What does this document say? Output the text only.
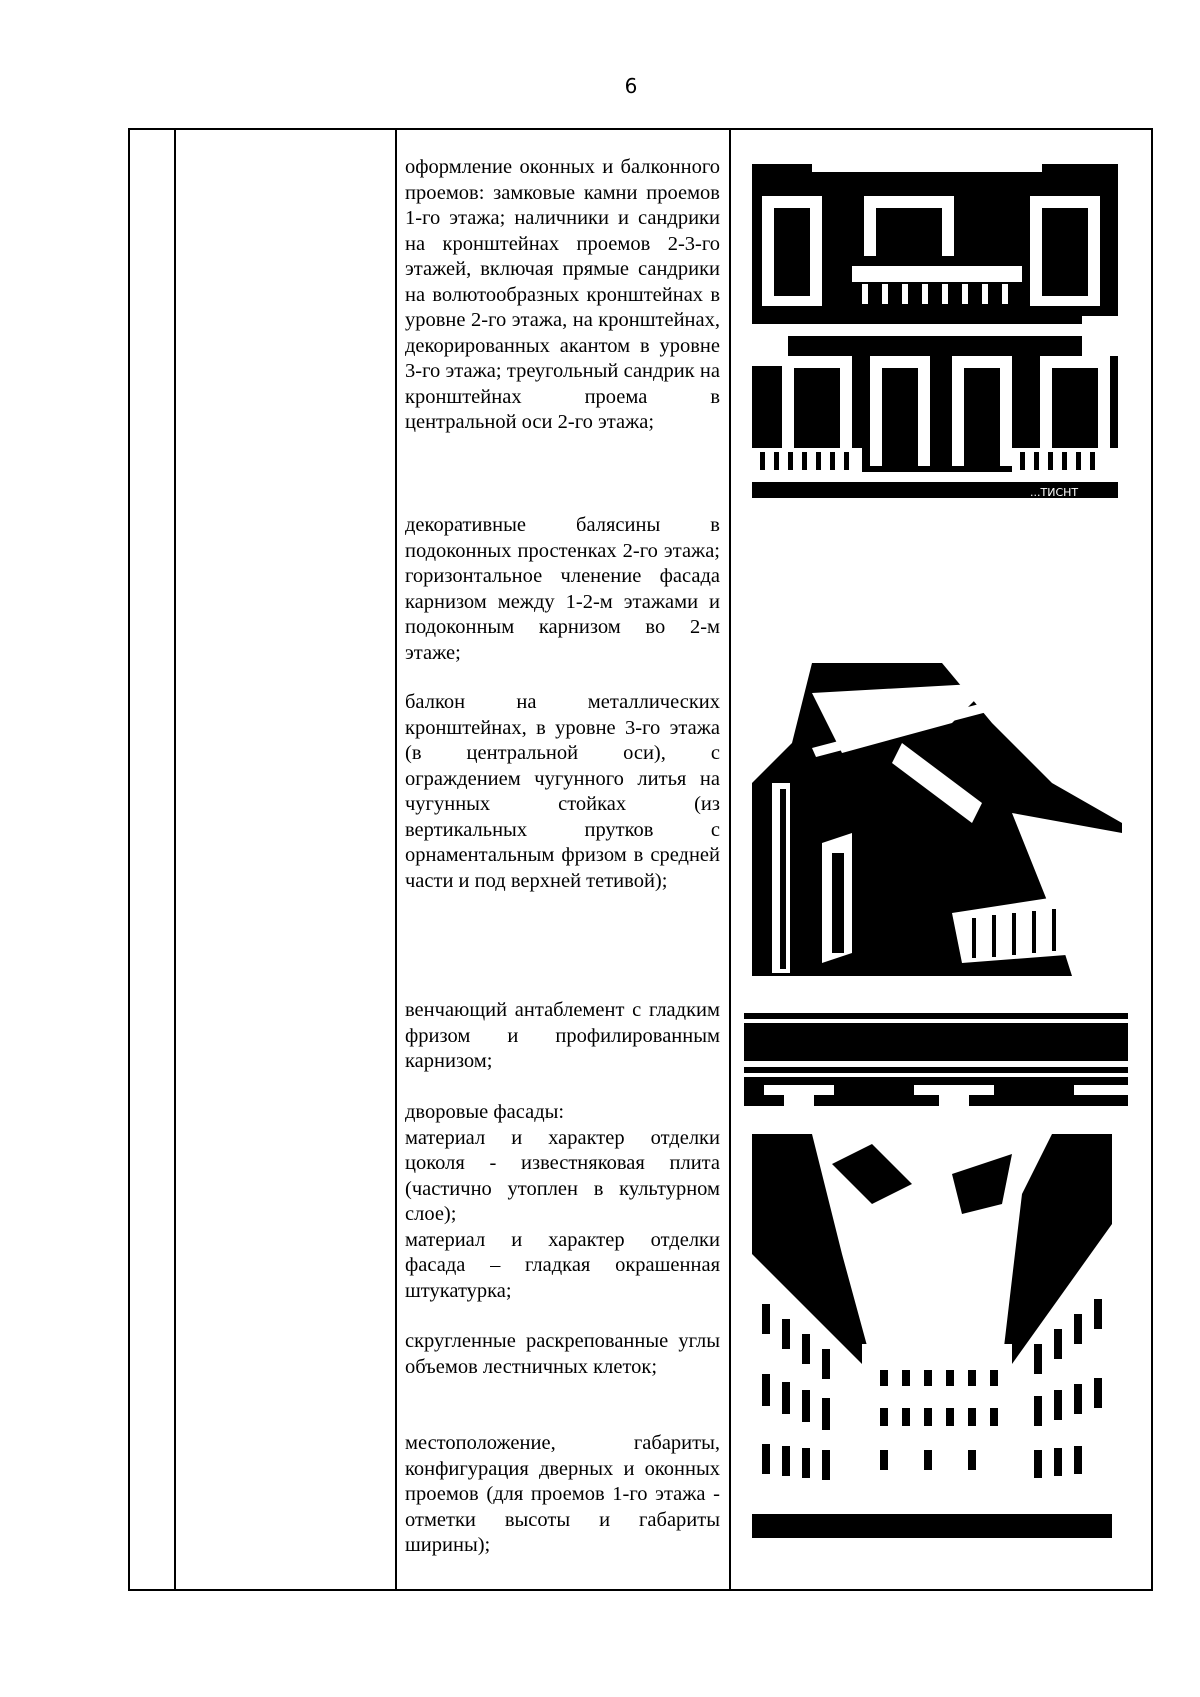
6

оформление оконных и балконного проемов: замковые камни проемов 1-го этажа; наличники и сандрики на кронштейнах проемов 2-3-го этажей, включая прямые сандрики на волютообразных кронштейнах в уровне 2-го этажа, на кронштейнах, декорированных акантом в уровне 3-го этажа; треугольный сандрик на кронштейнах проема в центральной оси 2-го этажа;

декоративные балясины в подоконных простенках 2-го этажа; горизонтальное членение фасада карнизом между 1-2-м этажами и подоконным карнизом во 2-м этаже;

балкон на металлических кронштейнах, в уровне 3-го этажа (в центральной оси), с ограждением чугунного литья на чугунных стойках (из вертикальных прутков с орнаментальным фризом в средней части и под верхней тетивой);

венчающий антаблемент с гладким фризом и профилированным карнизом;

дворовые фасады:

материал и характер отделки цоколя - известняковая плита (частично утоплен в культурном слое);

материал и характер отделки фасада – гладкая окрашенная штукатурка;

скругленные раскрепованные углы объемов лестничных клеток;

местоположение, габариты, конфигурация дверных и оконных проемов (для проемов 1-го этажа - отметки высоты и габариты ширины);

...ТИСНТ
